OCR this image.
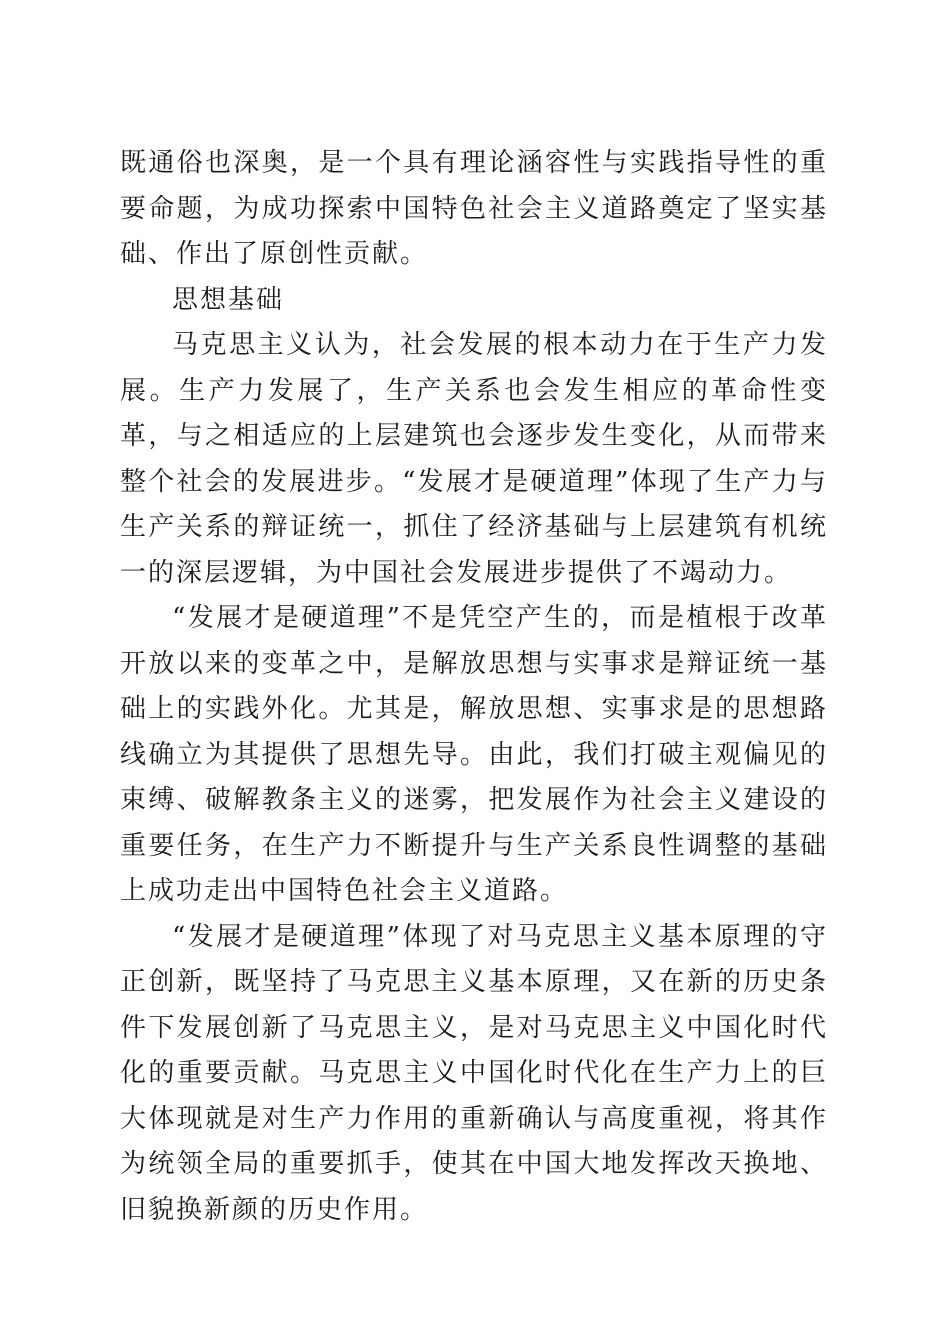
既通俗也深奥，是一个具有理论涵容性与实践指导性的重要命题，为成功探索中国特色社会主义道路奠定了坚实基础、作出了原创性贡献。

思想基础

马克思主义认为，社会发展的根本动力在于生产力发展。生产力发展了，生产关系也会发生相应的革命性变革，与之相适应的上层建筑也会逐步发生变化，从而带来整个社会的发展进步。“发展才是硬道理”体现了生产力与生产关系的辩证统一，抓住了经济基础与上层建筑有机统一的深层逻辑，为中国社会发展进步提供了不竭动力。

“发展才是硬道理”不是凭空产生的，而是植根于改革开放以来的变革之中，是解放思想与实事求是辩证统一基础上的实践外化。尤其是，解放思想、实事求是的思想路线确立为其提供了思想先导。由此，我们打破主观偏见的束缚、破解教条主义的迷雾，把发展作为社会主义建设的重要任务，在生产力不断提升与生产关系良性调整的基础上成功走出中国特色社会主义道路。

“发展才是硬道理”体现了对马克思主义基本原理的守正创新，既坚持了马克思主义基本原理，又在新的历史条件下发展创新了马克思主义，是对马克思主义中国化时代化的重要贡献。马克思主义中国化时代化在生产力上的巨大体现就是对生产力作用的重新确认与高度重视，将其作为统领全局的重要抓手，使其在中国大地发挥改天换地、旧貌换新颜的历史作用。
